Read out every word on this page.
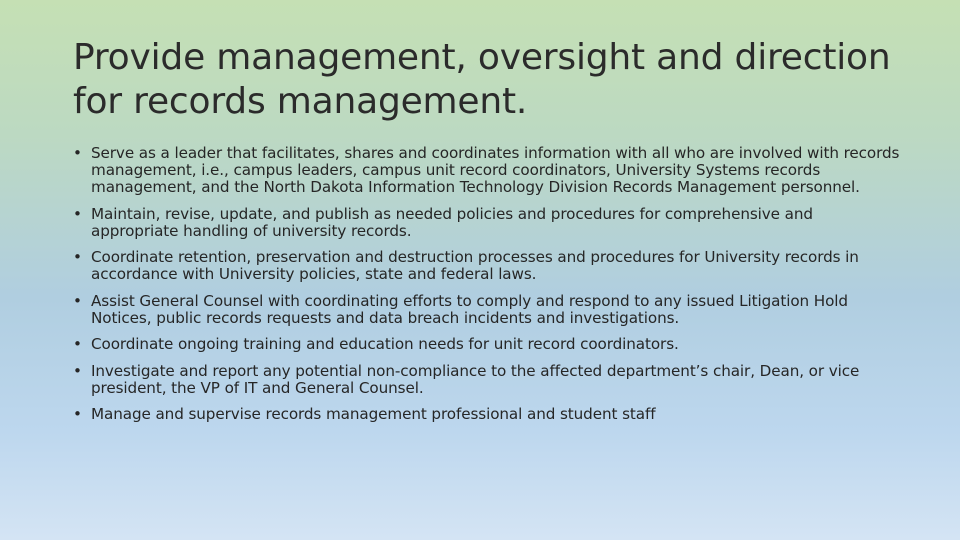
Provide management, oversight and direction for records management.
• Serve as a leader that facilitates, shares and coordinates information with all who are involved with records management, i.e., campus leaders, campus unit record coordinators, University Systems records management, and the North Dakota Information Technology Division Records Management personnel.
• Maintain, revise, update, and publish as needed policies and procedures for comprehensive and appropriate handling of university records.
• Coordinate retention, preservation and destruction processes and procedures for University records in accordance with University policies, state and federal laws.
• Assist General Counsel with coordinating efforts to comply and respond to any issued Litigation Hold Notices, public records requests and data breach incidents and investigations.
• Coordinate ongoing training and education needs for unit record coordinators.
• Investigate and report any potential non-compliance to the affected department’s chair, Dean, or vice president, the VP of IT and General Counsel.
• Manage and supervise records management professional and student staff
